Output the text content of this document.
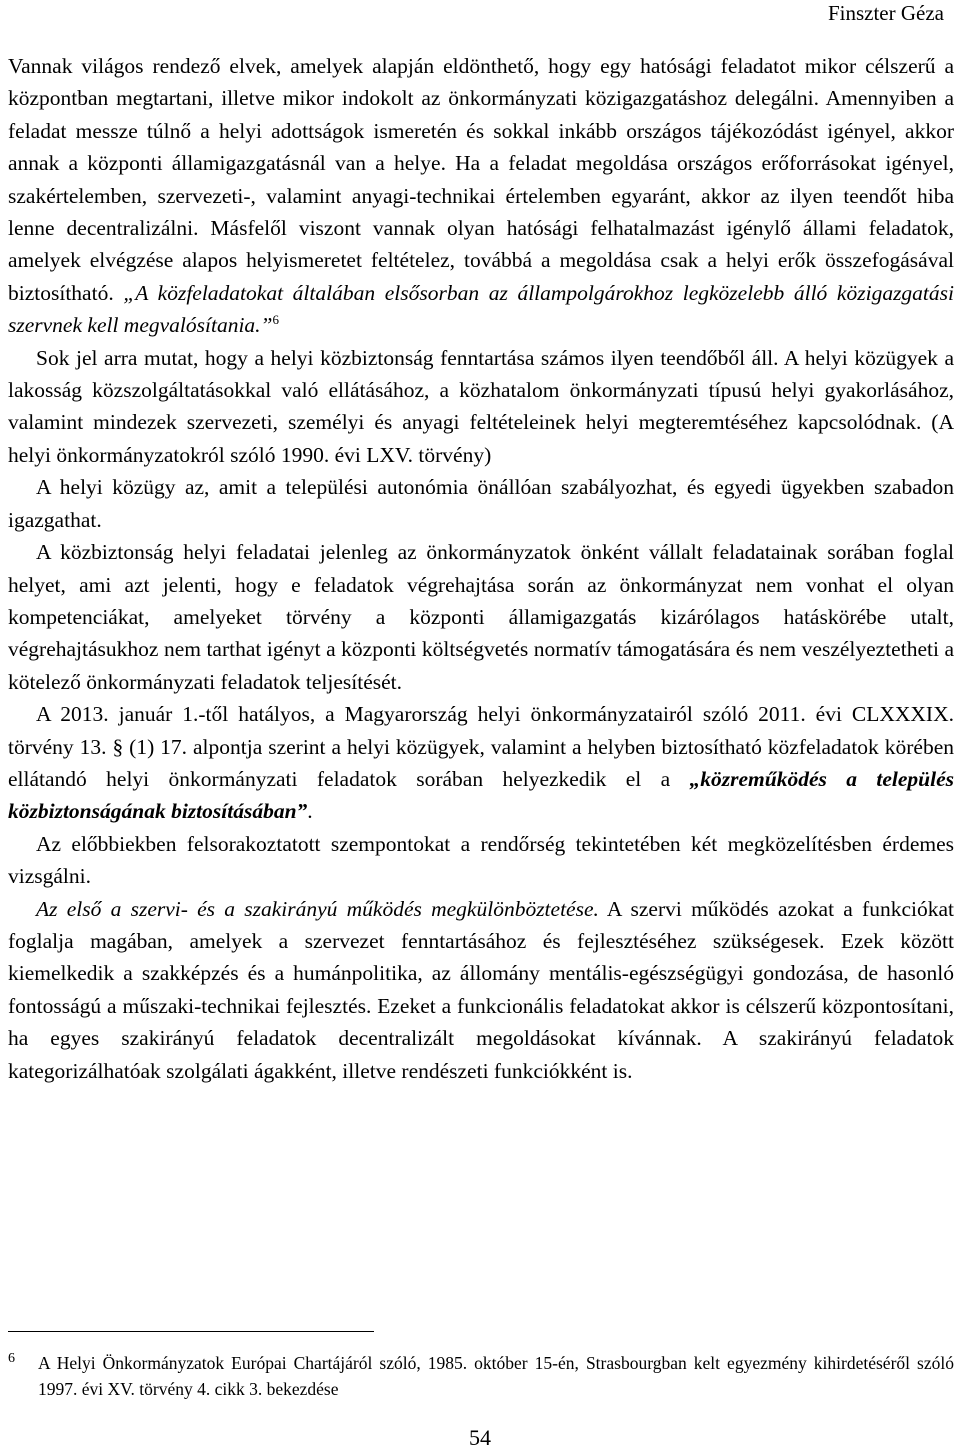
Finszter Géza

Vannak világos rendező elvek, amelyek alapján eldönthető, hogy egy hatósági feladatot mikor célszerű a központban megtartani, illetve mikor indokolt az önkormányzati közigazgatáshoz delegálni. Amennyiben a feladat messze túlnő a helyi adottságok ismeretén és sokkal inkább országos tájékozódást igényel, akkor annak a központi államigazgatásnál van a helye. Ha a feladat megoldása országos erőforrásokat igényel, szakértelemben, szervezeti-, valamint anyagi-technikai értelemben egyaránt, akkor az ilyen teendőt hiba lenne decentralizálni. Másfelől viszont vannak olyan hatósági felhatalmazást igénylő állami feladatok, amelyek elvégzése alapos helyismeretet feltételez, továbbá a megoldása csak a helyi erők összefogásával biztosítható. „A közfeladatokat általában elsősorban az állampolgárokhoz legközelebb álló közigazgatási szervnek kell megvalósítania.”$^6$

Sok jel arra mutat, hogy a helyi közbiztonság fenntartása számos ilyen teendőből áll. A helyi közügyek a lakosság közszolgáltatásokkal való ellátásához, a közhatalom önkormányzati típusú helyi gyakorlásához, valamint mindezek szervezeti, személyi és anyagi feltételeinek helyi megteremtéséhez kapcsolódnak. (A helyi önkormányzatokról szóló 1990. évi LXV. törvény)

A helyi közügy az, amit a települési autonómia önállóan szabályozhat, és egyedi ügyekben szabadon igazgathat.

A közbiztonság helyi feladatai jelenleg az önkormányzatok önként vállalt feladatainak sorában foglal helyet, ami azt jelenti, hogy e feladatok végrehajtása során az önkormányzat nem vonhat el olyan kompetenciákat, amelyeket törvény a központi államigazgatás kizárólagos hatáskörébe utalt, végrehajtásukhoz nem tarthat igényt a központi költségvetés normatív támogatására és nem veszélyeztetheti a kötelező önkormányzati feladatok teljesítését.

A 2013. január 1.-től hatályos, a Magyarország helyi önkormányzatairól szóló 2011. évi CLXXXIX. törvény 13. § (1) 17. alpontja szerint a helyi közügyek, valamint a helyben biztosítható közfeladatok körében ellátandó helyi önkormányzati feladatok sorában helyezkedik el a „közreműködés a település közbiztonságának biztosításában”.

Az előbbiekben felsorakoztatott szempontokat a rendőrség tekintetében két megközelítésben érdemes vizsgálni.

Az első a szervi- és a szakirányú működés megkülönböztetése. A szervi működés azokat a funkciókat foglalja magában, amelyek a szervezet fenntartásához és fejlesztéséhez szükségesek. Ezek között kiemelkedik a szakképzés és a humánpolitika, az állomány mentális-egészségügyi gondozása, de hasonló fontosságú a műszaki-technikai fejlesztés. Ezeket a funkcionális feladatokat akkor is célszerű központosítani, ha egyes szakirányú feladatok decentralizált megoldásokat kívánnak. A szakirányú feladatok kategorizálhatóak szolgálati ágakként, illetve rendészeti funkciókként is.

6 A Helyi Önkormányzatok Európai Chartájáról szóló, 1985. október 15-én, Strasbourgban kelt egyezmény kihirdetéséről szóló 1997. évi XV. törvény 4. cikk 3. bekezdése
54
